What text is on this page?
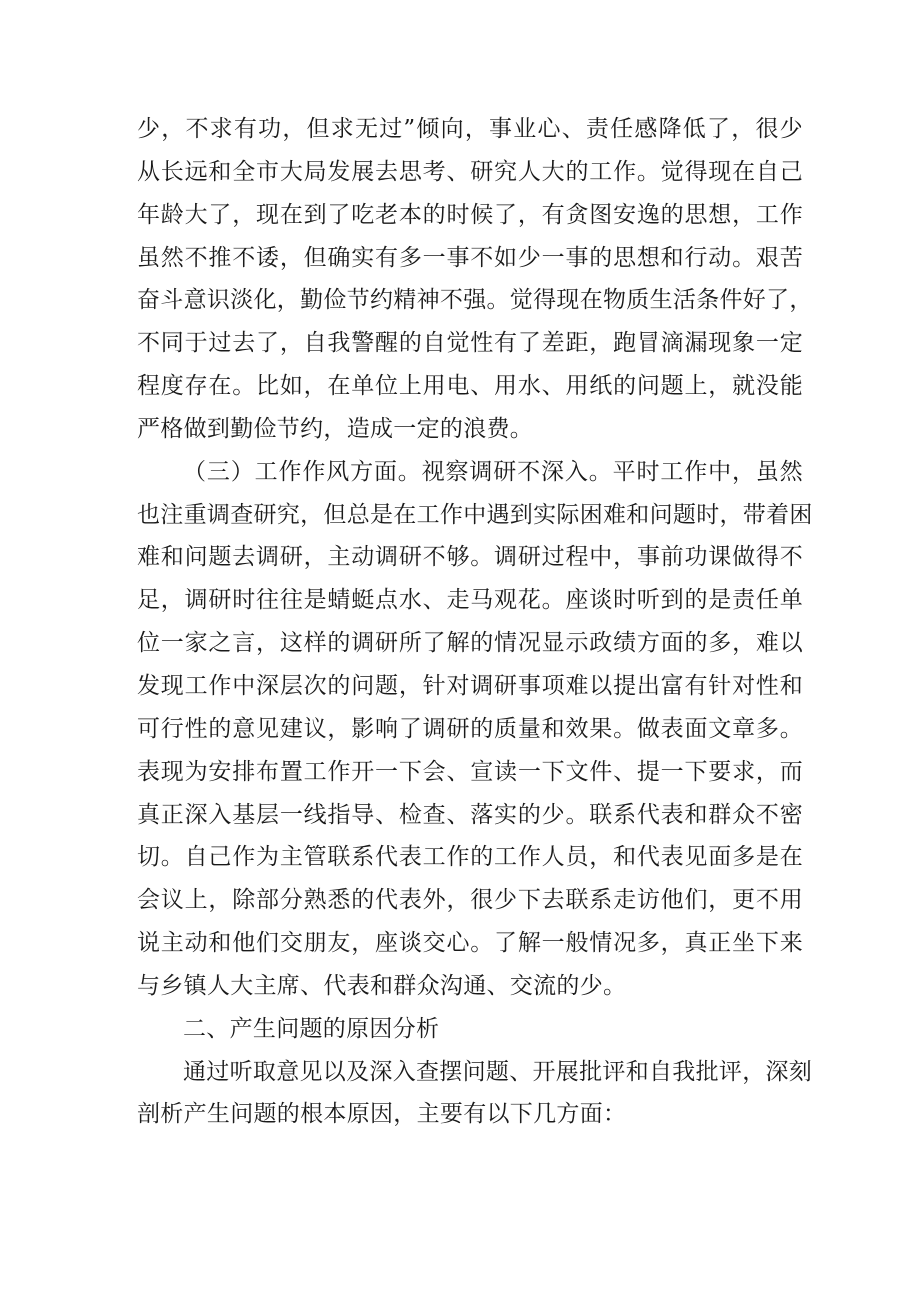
少，不求有功，但求无过”倾向，事业心、责任感降低了，很少
从长远和全市大局发展去思考、研究人大的工作。觉得现在自己
年龄大了，现在到了吃老本的时候了，有贪图安逸的思想，工作
虽然不推不诿，但确实有多一事不如少一事的思想和行动。艰苦
奋斗意识淡化，勤俭节约精神不强。觉得现在物质生活条件好了，
不同于过去了，自我警醒的自觉性有了差距，跑冒滴漏现象一定
程度存在。比如，在单位上用电、用水、用纸的问题上，就没能
严格做到勤俭节约，造成一定的浪费。
（三）工作作风方面。视察调研不深入。平时工作中，虽然
也注重调查研究，但总是在工作中遇到实际困难和问题时，带着困
难和问题去调研，主动调研不够。调研过程中，事前功课做得不
足，调研时往往是蜻蜓点水、走马观花。座谈时听到的是责任单
位一家之言，这样的调研所了解的情况显示政绩方面的多，难以
发现工作中深层次的问题，针对调研事项难以提出富有针对性和
可行性的意见建议，影响了调研的质量和效果。做表面文章多。
表现为安排布置工作开一下会、宣读一下文件、提一下要求，而
真正深入基层一线指导、检查、落实的少。联系代表和群众不密
切。自己作为主管联系代表工作的工作人员，和代表见面多是在
会议上，除部分熟悉的代表外，很少下去联系走访他们，更不用
说主动和他们交朋友，座谈交心。了解一般情况多，真正坐下来
与乡镇人大主席、代表和群众沟通、交流的少。
二、产生问题的原因分析
通过听取意见以及深入查摆问题、开展批评和自我批评，深刻
剖析产生问题的根本原因，主要有以下几方面：
